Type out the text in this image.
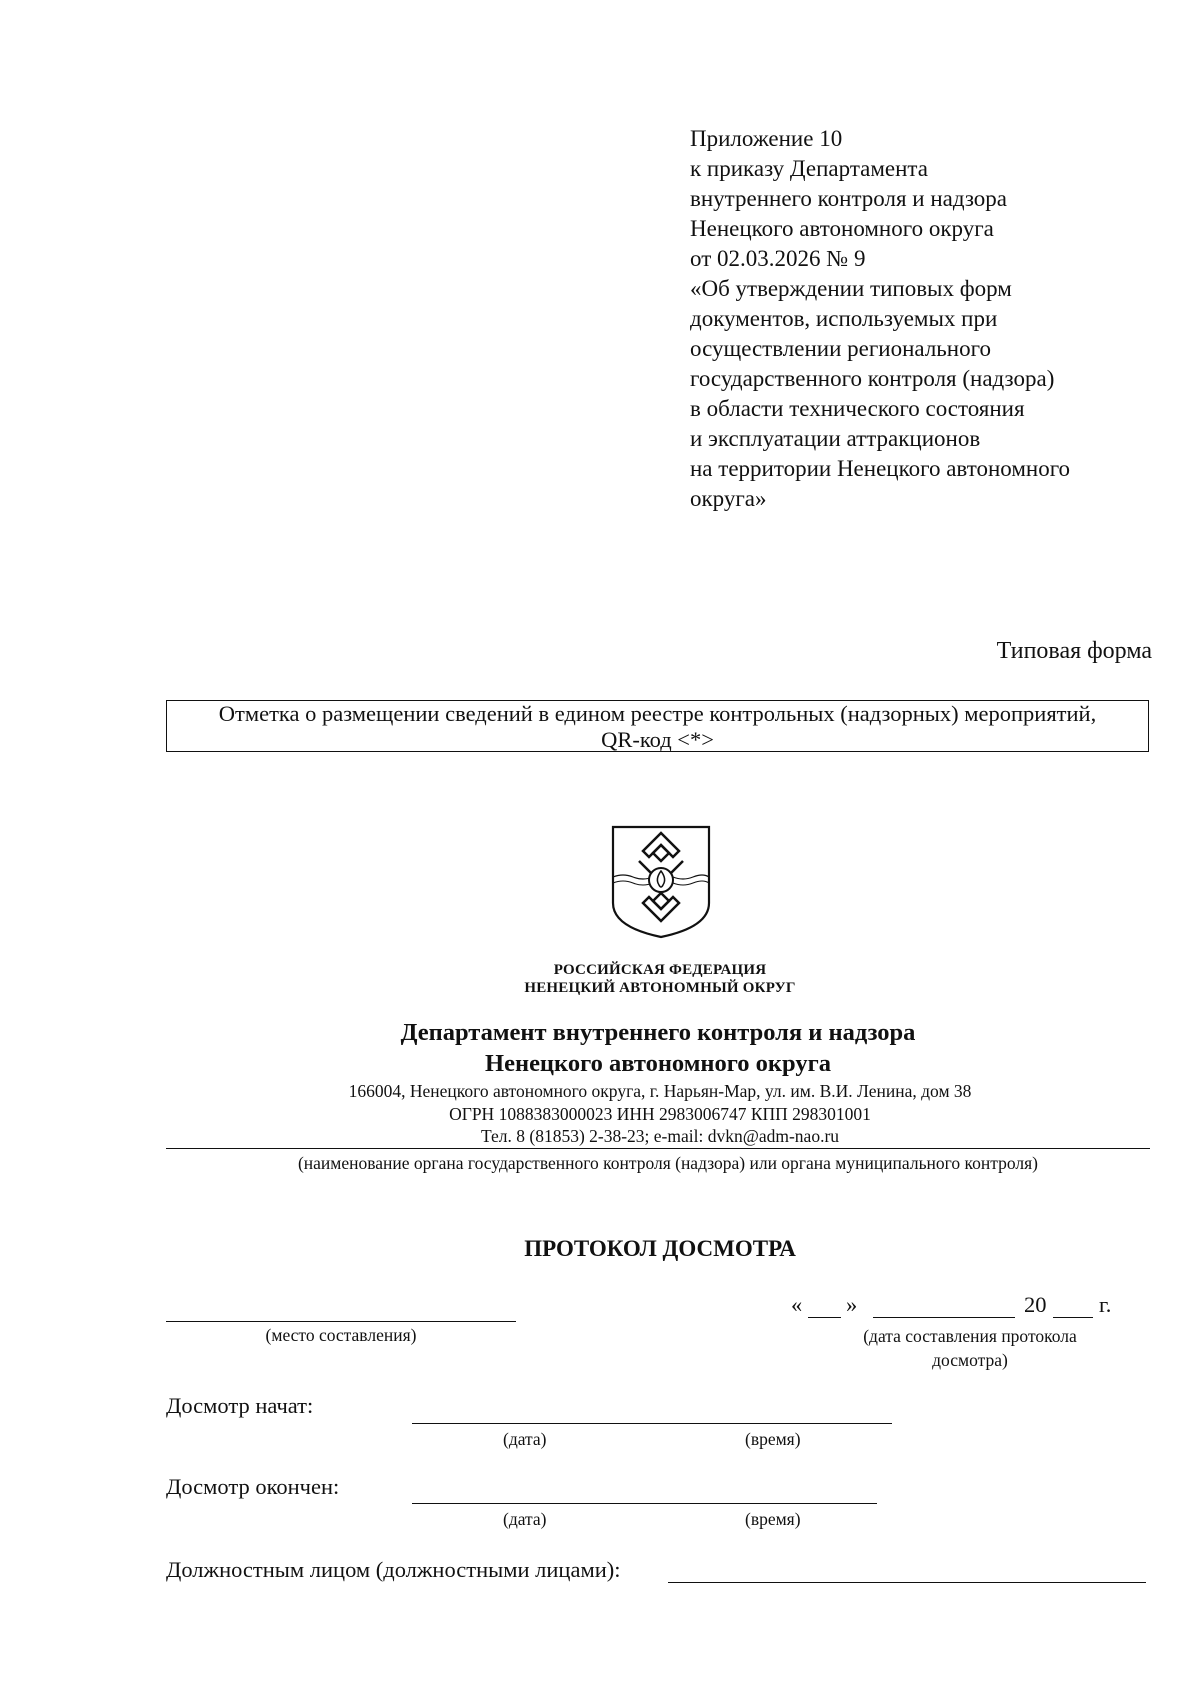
Приложение 10
к приказу Департамента
внутреннего контроля и надзора
Ненецкого автономного округа
от 02.03.2026 № 9
«Об утверждении типовых форм
документов, используемых при
осуществлении регионального
государственного контроля (надзора)
в области технического состояния
и эксплуатации аттракционов
на территории Ненецкого автономного
округа»
Типовая форма
Отметка о размещении сведений в едином реестре контрольных (надзорных) мероприятий,
QR-код <*>
РОССИЙСКАЯ ФЕДЕРАЦИЯ
НЕНЕЦКИЙ АВТОНОМНЫЙ ОКРУГ
Департамент внутреннего контроля и надзора
Ненецкого автономного округа
166004, Ненецкого автономного округа, г. Нарьян-Мар, ул. им. В.И. Ленина, дом 38
ОГРН 1088383000023 ИНН 2983006747 КПП 298301001
Тел. 8 (81853) 2-38-23; e-mail: dvkn@adm-nao.ru
(наименование органа государственного контроля (надзора) или органа муниципального контроля)
ПРОТОКОЛ ДОСМОТРА
(место составления)
« »	20 г.
(дата составления протокола
досмотра)
Досмотр начат:
(дата)	(время)
Досмотр окончен:
(дата)	(время)
Должностным лицом (должностными лицами):
